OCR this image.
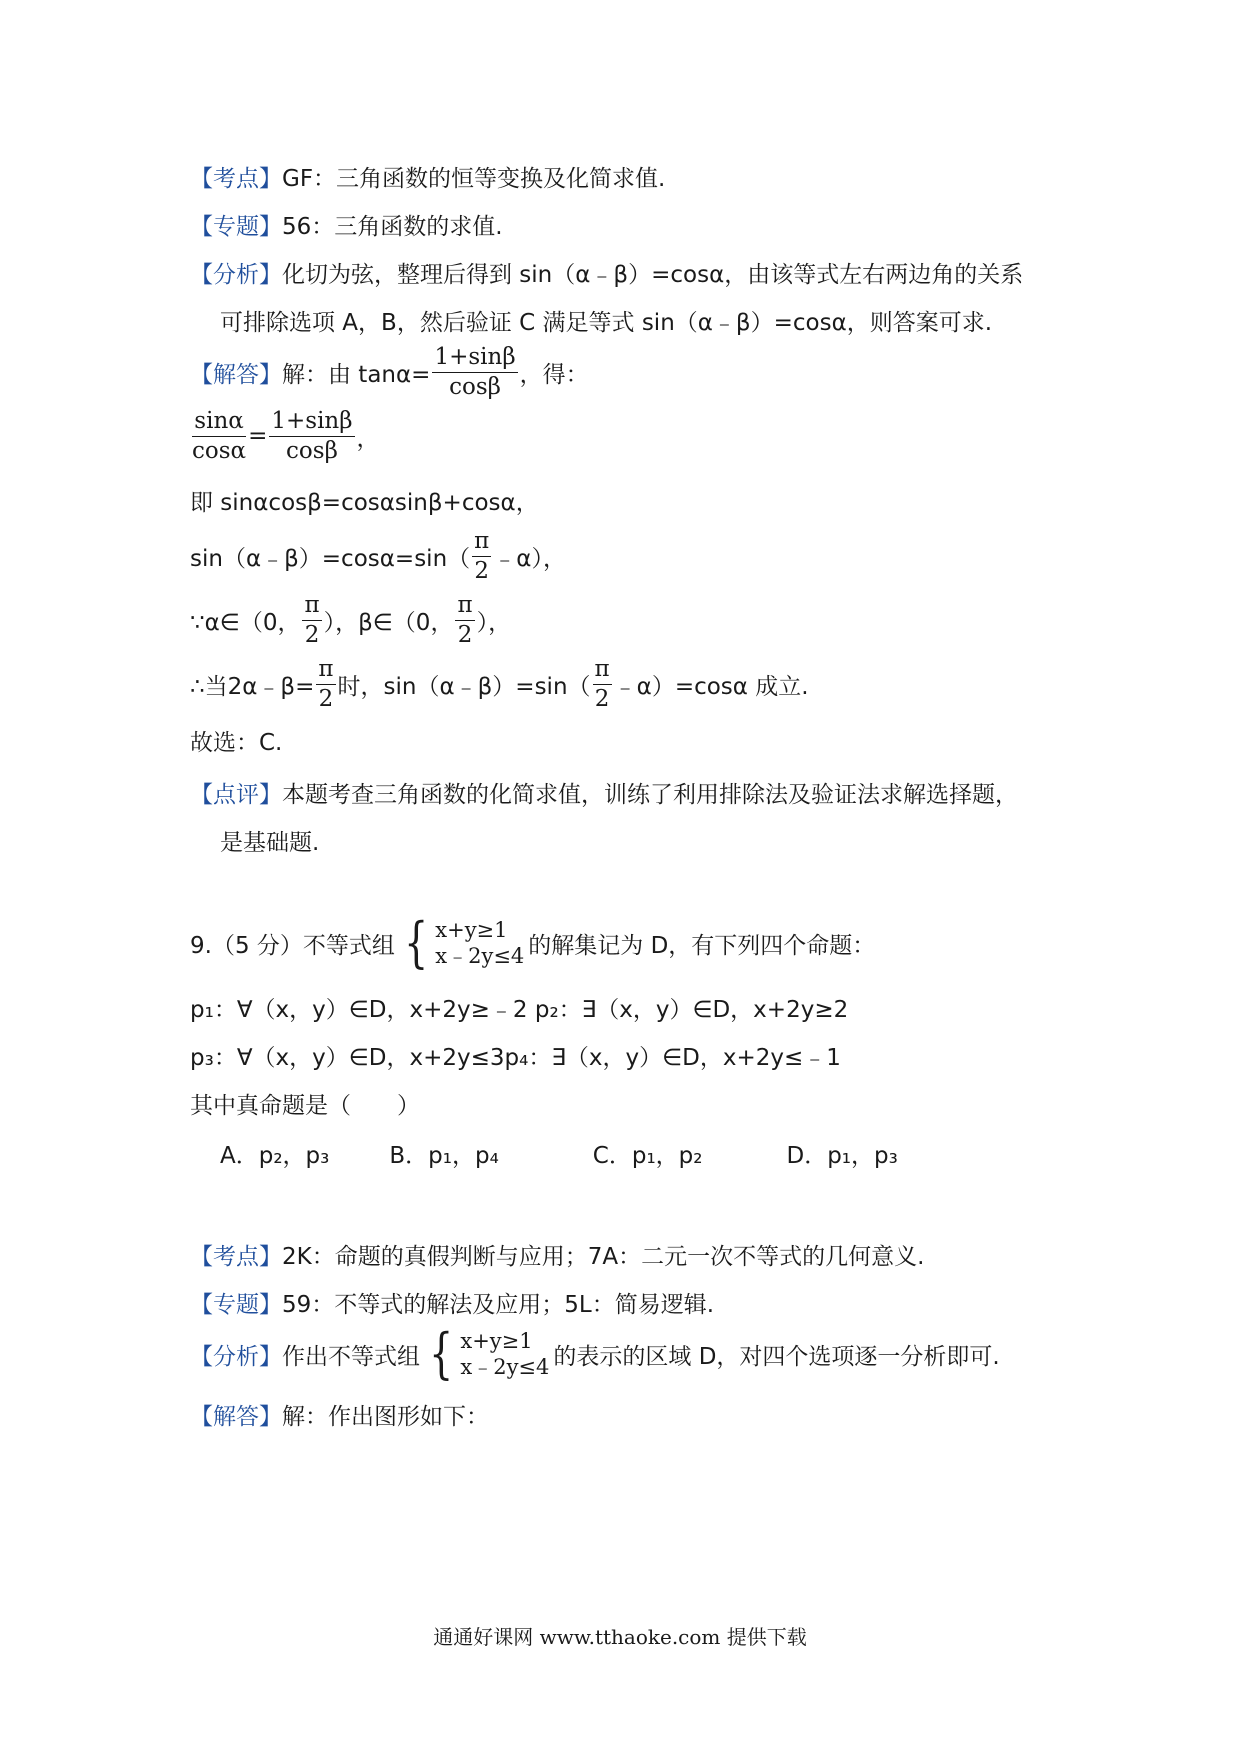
【考点】 GF：三角函数的恒等变换及化简求值.
【专题】 56：三角函数的求值.
【分析】 化切为弦，整理后得到 sin（α﹣β）=cosα，由该等式左右两边角的关系
可排除选项 A，B，然后验证 C 满足等式 sin（α﹣β）=cosα，则答案可求.
【解答】 解：由 $\tan\alpha= \frac{1+\sin\beta}{\cos\beta}$ ，得：
$\frac{\sin\alpha}{\cos\alpha} = \frac{1+\sin\beta}{\cos\beta}$ ，
即 sinαcosβ=cosαsinβ+cosα，
sin（α﹣β）=cosα=sin（ $\frac{\pi}{2}$ ﹣α），
∵α∈（0， $\frac{\pi}{2}$ ），β∈（0， $\frac{\pi}{2}$ ），
∴当2α﹣β= $\frac{\pi}{2}$ 时，sin（α﹣β）=sin（ $\frac{\pi}{2}$ ﹣α）=cosα 成立.
故选：C.
【点评】 本题考查三角函数的化简求值，训练了利用排除法及验证法求解选择题，
是基础题.
9.（5 分）不等式组 { x+y≥1
x﹣2y≤4 的解集记为 D，有下列四个命题：
p₁：∀（x，y）∈D，x+2y≥﹣2 p₂：∃（x，y）∈D，x+2y≥2
p₃：∀（x，y）∈D，x+2y≤3p₄：∃（x，y）∈D，x+2y≤﹣1
其中真命题是（　　）
A．p₂，p₃	B．p₁，p₄	C．p₁，p₂	D．p₁，p₃
【考点】 2K：命题的真假判断与应用；7A：二元一次不等式的几何意义.
【专题】 59：不等式的解法及应用；5L：简易逻辑.
【分析】 作出不等式组 { x+y≥1
x﹣2y≤4 的表示的区域 D，对四个选项逐一分析即可.
【解答】 解：作出图形如下：
通通好课网 www.tthaoke.com 提供下载
